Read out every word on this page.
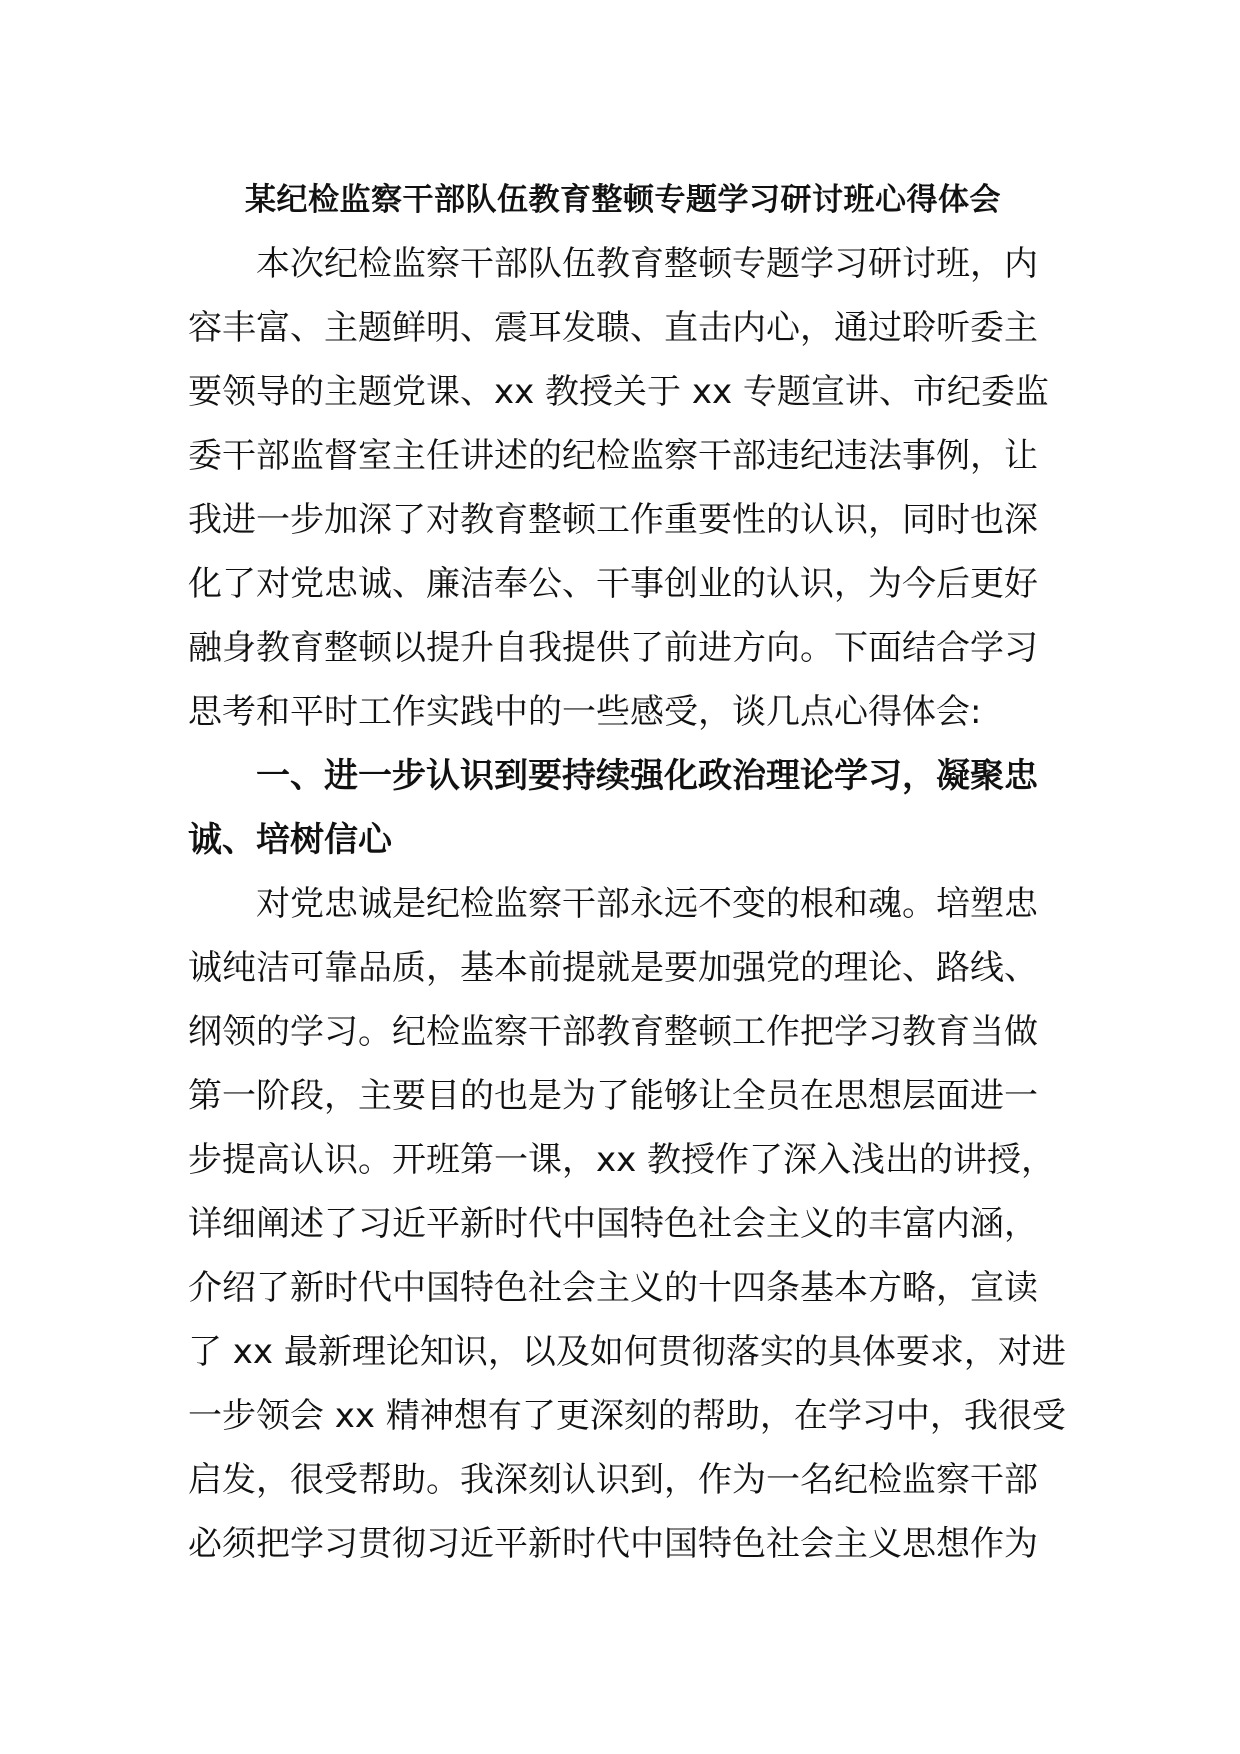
某纪检监察干部队伍教育整顿专题学习研讨班心得体会
本次纪检监察干部队伍教育整顿专题学习研讨班，内
容丰富、主题鲜明、震耳发聩、直击内心，通过聆听委主
要领导的主题党课、xx 教授关于 xx 专题宣讲、市纪委监
委干部监督室主任讲述的纪检监察干部违纪违法事例，让
我进一步加深了对教育整顿工作重要性的认识，同时也深
化了对党忠诚、廉洁奉公、干事创业的认识，为今后更好
融身教育整顿以提升自我提供了前进方向。下面结合学习
思考和平时工作实践中的一些感受，谈几点心得体会:
一、进一步认识到要持续强化政治理论学习，凝聚忠
诚、培树信心
对党忠诚是纪检监察干部永远不变的根和魂。培塑忠
诚纯洁可靠品质，基本前提就是要加强党的理论、路线、
纲领的学习。纪检监察干部教育整顿工作把学习教育当做
第一阶段，主要目的也是为了能够让全员在思想层面进一
步提高认识。开班第一课，xx 教授作了深入浅出的讲授，
详细阐述了习近平新时代中国特色社会主义的丰富内涵，
介绍了新时代中国特色社会主义的十四条基本方略，宣读
了 xx 最新理论知识，以及如何贯彻落实的具体要求，对进
一步领会 xx 精神想有了更深刻的帮助，在学习中，我很受
启发，很受帮助。我深刻认识到，作为一名纪检监察干部
必须把学习贯彻习近平新时代中国特色社会主义思想作为
